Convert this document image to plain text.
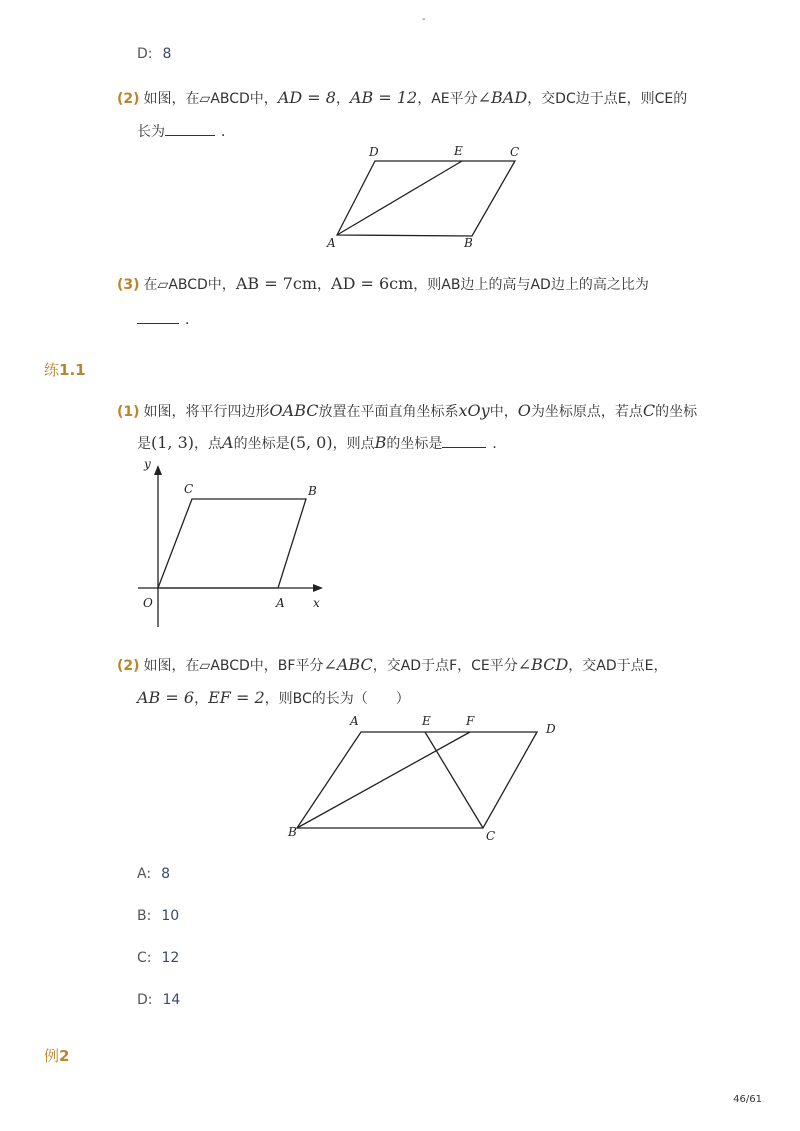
-
D: 8
(2) 如图，在▱ABCD中，AD = 8，AB = 12，AE平分∠BAD，交DC边于点E，则CE的
长为	．
D	E	C
A	B
(3) 在▱ABCD中，AB = 7cm，AD = 6cm，则AB边上的高与AD边上的高之比为
．
练1.1
(1) 如图，将平行四边形OABC放置在平面直角坐标系xOy中，O为坐标原点，若点C的坐标
是(1, 3)，点A的坐标是(5, 0)，则点B的坐标是	．
y
x
O	A
C	B
(2) 如图，在▱ABCD中，BF平分∠ABC，交AD于点F，CE平分∠BCD，交AD于点E，
AB = 6，EF = 2，则BC的长为（　　）
A	E	F
D
B	C
A: 8
B: 10
C: 12
D: 14
例2
46/61
